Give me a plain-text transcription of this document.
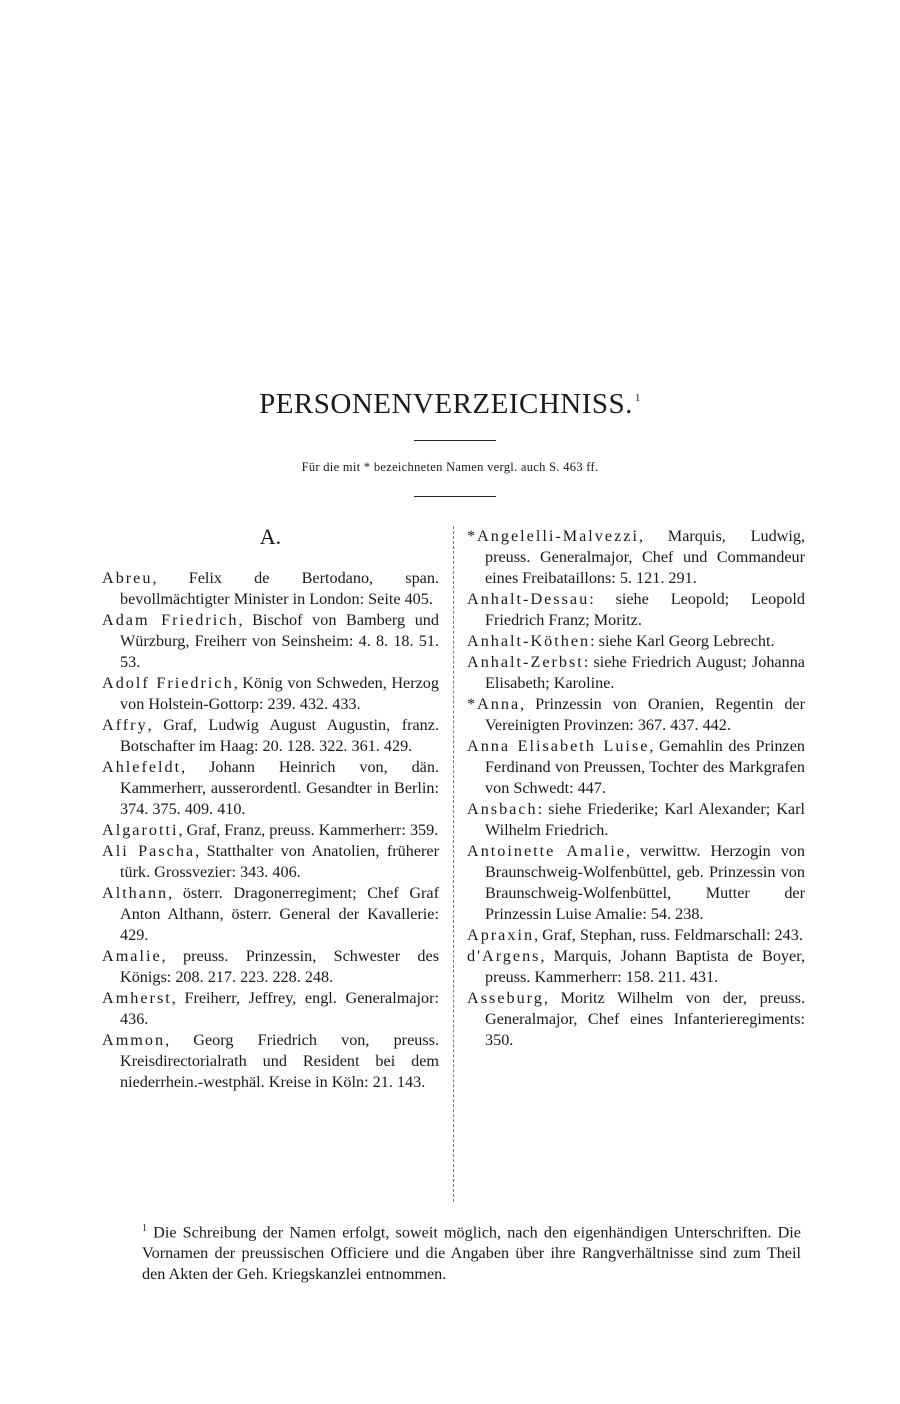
PERSONENVERZEICHNISS. $^1$
Für die mit * bezeichneten Namen vergl. auch S. 463 ff.
A.

Abreu, Felix de Bertodano, span. bevollmächtigter Minister in London: Seite 405.

Adam Friedrich, Bischof von Bamberg und Würzburg, Freiherr von Seinsheim: 4. 8. 18. 51. 53.

Adolf Friedrich, König von Schweden, Herzog von Holstein-Gottorp: 239. 432. 433.

Affry, Graf, Ludwig August Augustin, franz. Botschafter im Haag: 20. 128. 322. 361. 429.

Ahlefeldt, Johann Heinrich von, dän. Kammerherr, ausserordentl. Gesandter in Berlin: 374. 375. 409. 410.

Algarotti, Graf, Franz, preuss. Kammerherr: 359.

Ali Pascha, Statthalter von Anatolien, früherer türk. Grossvezier: 343. 406.

Althann, österr. Dragonerregiment; Chef Graf Anton Althann, österr. General der Kavallerie: 429.

Amalie, preuss. Prinzessin, Schwester des Königs: 208. 217. 223. 228. 248.

Amherst, Freiherr, Jeffrey, engl. Generalmajor: 436.

Ammon, Georg Friedrich von, preuss. Kreisdirectorialrath und Resident bei dem niederrhein.-westphäl. Kreise in Köln: 21. 143.

*Angelelli-Malvezzi, Marquis, Ludwig, preuss. Generalmajor, Chef und Commandeur eines Freibataillons: 5. 121. 291.

Anhalt-Dessau: siehe Leopold; Leopold Friedrich Franz; Moritz.

Anhalt-Köthen: siehe Karl Georg Lebrecht.

Anhalt-Zerbst: siehe Friedrich August; Johanna Elisabeth; Karoline.

*Anna, Prinzessin von Oranien, Regentin der Vereinigten Provinzen: 367. 437. 442.

Anna Elisabeth Luise, Gemahlin des Prinzen Ferdinand von Preussen, Tochter des Markgrafen von Schwedt: 447.

Ansbach: siehe Friederike; Karl Alexander; Karl Wilhelm Friedrich.

Antoinette Amalie, verwittw. Herzogin von Braunschweig-Wolfenbüttel, geb. Prinzessin von Braunschweig-Wolfenbüttel, Mutter der Prinzessin Luise Amalie: 54. 238.

Apraxin, Graf, Stephan, russ. Feldmarschall: 243.

d'Argens, Marquis, Johann Baptista de Boyer, preuss. Kammerherr: 158. 211. 431.

Asseburg, Moritz Wilhelm von der, preuss. Generalmajor, Chef eines Infanterieregiments: 350.

$^1$ Die Schreibung der Namen erfolgt, soweit möglich, nach den eigenhändigen Unterschriften. Die Vornamen der preussischen Officiere und die Angaben über ihre Rangverhältnisse sind zum Theil den Akten der Geh. Kriegskanzlei entnommen.
